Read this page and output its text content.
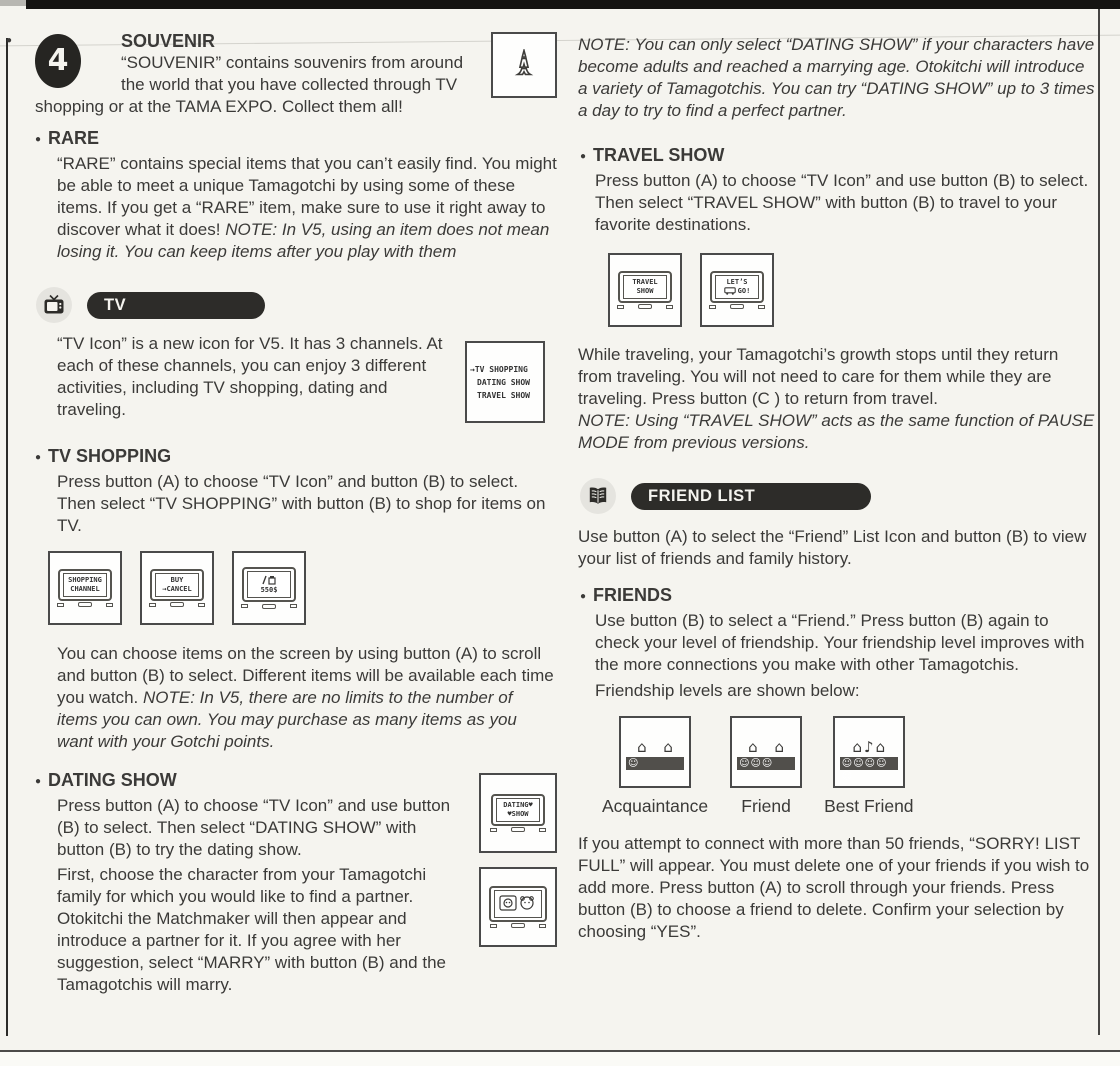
4
●	SOUVENIR

“SOUVENIR” contains souvenirs from around the world that you have collected through TV shopping or at the TAMA EXPO. Collect them all!

● RARE

“RARE” contains special items that you can’t easily find. You might be able to meet a unique Tamagotchi by using some of these items. If you get a “RARE” item, make sure to use it right away to discover what it does! NOTE: In V5, using an item does not mean losing it. You can keep items after you play with them

TV
→TV SHOPPING
DATING SHOW
TRAVEL SHOW

“TV Icon” is a new icon for V5. It has 3 channels. At each of these channels, you can enjoy 3 different activities, including TV shopping, dating and traveling.

● TV SHOPPING

Press button (A) to choose “TV Icon” and button (B) to select. Then select “TV SHOPPING” with button (B) to shop for items on TV.

SHOPPING
CHANNEL
BUY
→CANCEL	550$

You can choose items on the screen by using button (A) to scroll and button (B) to select. Different items will be available each time you watch. NOTE: In V5, there are no limits to the number of items you can own. You may purchase as many items as you want with your Gotchi points.

DATING♥
♥SHOW
● DATING SHOW

Press button (A) to choose “TV Icon” and use button (B) to select. Then select “DATING SHOW” with button (B) to try the dating show.

First, choose the character from your Tamagotchi family for which you would like to find a partner. Otokitchi the Matchmaker will then appear and introduce a partner for it. If you agree with her suggestion, select “MARRY” with button (B) and the Tamagotchis will marry.

NOTE: You can only select “DATING SHOW” if your characters have become adults and reached a marrying age. Otokitchi will introduce a variety of Tamagotchis. You can try “DATING SHOW” up to 3 times a day to try to find a perfect partner.

● TRAVEL SHOW

Press button (A) to choose “TV Icon” and use button (B) to select. Then select “TRAVEL SHOW” with button (B) to travel to your favorite destinations.

TRAVEL
SHOW
LET’S
GO!

While traveling, your Tamagotchi’s growth stops until they return from traveling. You will not need to care for them while they are traveling. Press button (C ) to return from travel.

NOTE: Using “TRAVEL SHOW” acts as the same function of PAUSE MODE from previous versions.

FRIEND LIST

Use button (A) to select the “Friend” List Icon and button (B) to view your list of friends and family history.

● FRIENDS

Use button (B) to select a “Friend.” Press button (B) again to check your level of friendship. Your friendship level improves with the more connections you make with other Tamagotchis.

Friendship levels are shown below:

⌂ ⌂
☺
Acquaintance
⌂ ⌂
☺☺☺
Friend
⌂♪⌂
☺☺☺☺☺
Best Friend

If you attempt to connect with more than 50 friends, “SORRY! LIST FULL” will appear. You must delete one of your friends if you wish to add more. Press button (A) to scroll through your friends. Press button (B) to choose a friend to delete. Confirm your selection by choosing “YES”.
